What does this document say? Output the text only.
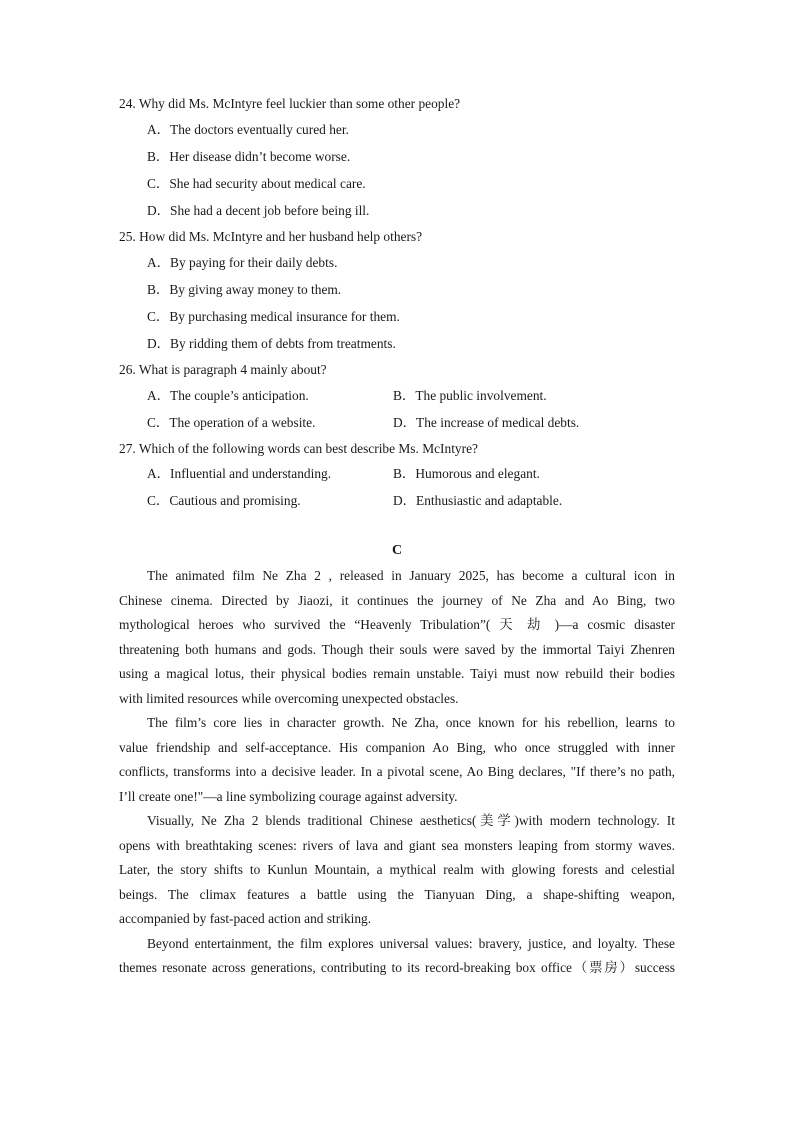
24. Why did Ms. McIntyre feel luckier than some other people?
A．The doctors eventually cured her.
B．Her disease didn’t become worse.
C．She had security about medical care.
D．She had a decent job before being ill.
25. How did Ms. McIntyre and her husband help others?
A．By paying for their daily debts.
B．By giving away money to them.
C．By purchasing medical insurance for them.
D．By ridding them of debts from treatments.
26. What is paragraph 4 mainly about?
A．The couple’s anticipation.	B．The public involvement.
C．The operation of a website.	D．The increase of medical debts.
27. Which of the following words can best describe Ms. McIntyre?
A．Influential and understanding.	B．Humorous and elegant.
C．Cautious and promising.	D．Enthusiastic and adaptable.
C
The animated film Ne Zha 2 , released in January 2025, has become a cultural icon in
Chinese cinema. Directed by Jiaozi, it continues the journey of Ne Zha and Ao Bing, two
mythological heroes who survived the “Heavenly Tribulation”( 天 劫 )—a cosmic disaster
threatening both humans and gods. Though their souls were saved by the immortal Taiyi Zhenren
using a magical lotus, their physical bodies remain unstable. Taiyi must now rebuild their bodies
with limited resources while overcoming unexpected obstacles.
The film’s core lies in character growth. Ne Zha, once known for his rebellion, learns to
value friendship and self-acceptance. His companion Ao Bing, who once struggled with inner
conflicts, transforms into a decisive leader. In a pivotal scene, Ao Bing declares, "If there’s no path,
I’ll create one!"—a line symbolizing courage against adversity.
Visually, Ne Zha 2 blends traditional Chinese aesthetics(美学)with modern technology. It
opens with breathtaking scenes: rivers of lava and giant sea monsters leaping from stormy waves.
Later, the story shifts to Kunlun Mountain, a mythical realm with glowing forests and celestial
beings. The climax features a battle using the Tianyuan Ding, a shape-shifting weapon,
accompanied by fast-paced action and striking.
Beyond entertainment, the film explores universal values: bravery, justice, and loyalty. These
themes resonate across generations, contributing to its record-breaking box office（票房）success
